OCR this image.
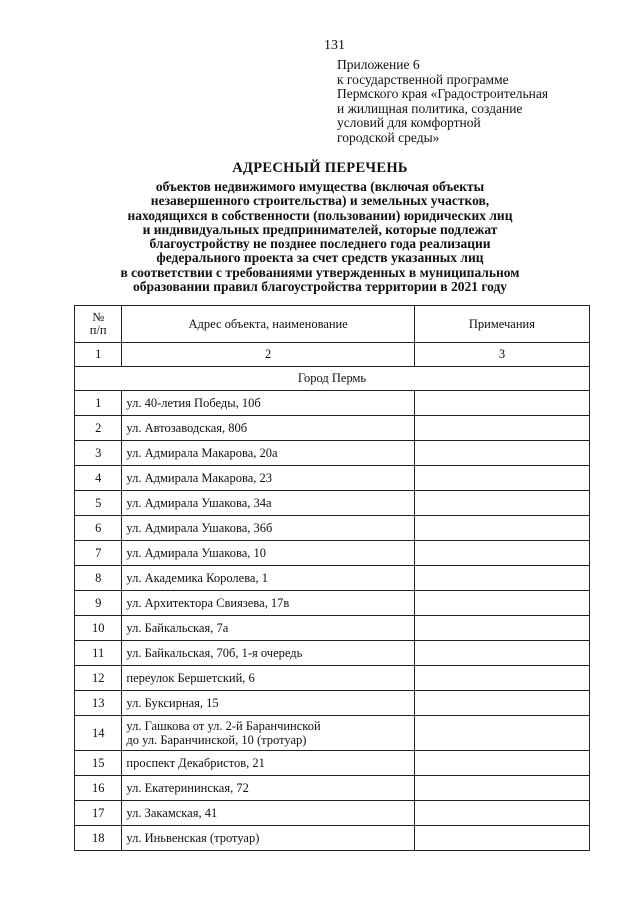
131
Приложение 6
к государственной программе
Пермского края «Градостроительная
и жилищная политика, создание
условий для комфортной
городской среды»
АДРЕСНЫЙ ПЕРЕЧЕНЬ
объектов недвижимого имущества (включая объекты
незавершенного строительства) и земельных участков,
находящихся в собственности (пользовании) юридических лиц
и индивидуальных предпринимателей, которые подлежат
благоустройству не позднее последнего года реализации
федерального проекта за счет средств указанных лиц
в соответствии с требованиями утвержденных в муниципальном
образовании правил благоустройства территории в 2021 году
№
п/п	Адрес объекта, наименование	Примечания
1	2	3
Город Пермь		
1	ул. 40-летия Победы, 10б	

2	ул. Автозаводская, 80б	

3	ул. Адмирала Макарова, 20а	

4	ул. Адмирала Макарова, 23	

5	ул. Адмирала Ушакова, 34а	

6	ул. Адмирала Ушакова, 36б	

7	ул. Адмирала Ушакова, 10	

8	ул. Академика Королева, 1	

9	ул. Архитектора Свиязева, 17в	

10	ул. Байкальская, 7а	

11	ул. Байкальская, 70б, 1-я очередь	

12	переулок Бершетский, 6	

13	ул. Буксирная, 15	

14	ул. Гашкова от ул. 2-й Баранчинской
до ул. Баранчинской, 10 (тротуар)	

15	проспект Декабристов, 21	

16	ул. Екатерининская, 72	

17	ул. Закамская, 41	

18	ул. Иньвенская (тротуар)	
